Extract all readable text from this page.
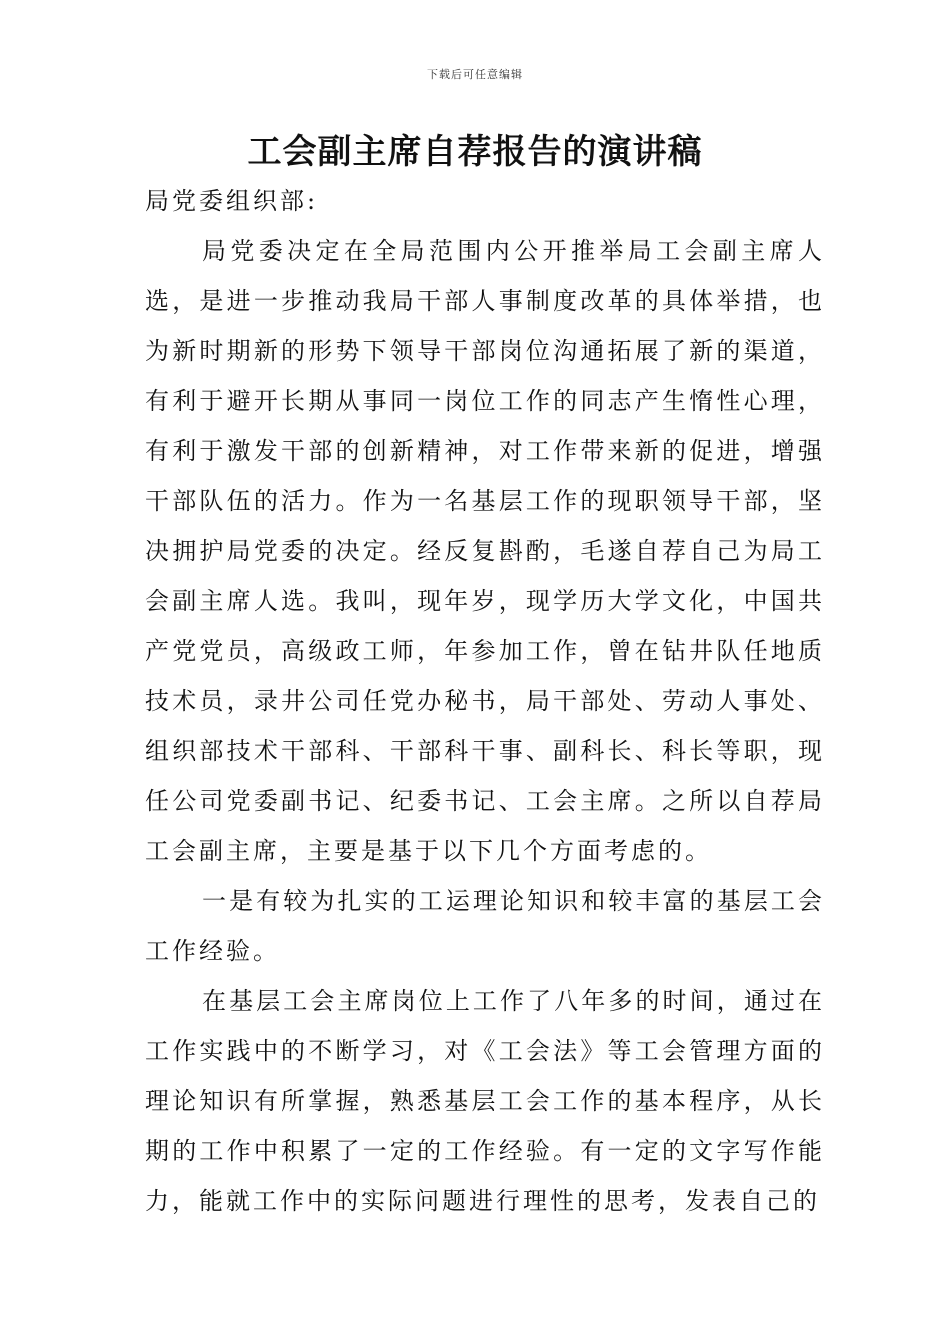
下载后可任意编辑
工会副主席自荐报告的演讲稿

局党委组织部:

局党委决定在全局范围内公开推举局工会副主席人选，是进一步推动我局干部人事制度改革的具体举措，也为新时期新的形势下领导干部岗位沟通拓展了新的渠道，有利于避开长期从事同一岗位工作的同志产生惰性心理，有利于激发干部的创新精神，对工作带来新的促进，增强干部队伍的活力。作为一名基层工作的现职领导干部，坚决拥护局党委的决定。经反复斟酌，毛遂自荐自己为局工会副主席人选。我叫，现年岁，现学历大学文化，中国共产党党员，高级政工师，年参加工作，曾在钻井队任地质技术员，录井公司任党办秘书，局干部处、劳动人事处、组织部技术干部科、干部科干事、副科长、科长等职，现任公司党委副书记、纪委书记、工会主席。之所以自荐局工会副主席，主要是基于以下几个方面考虑的。

一是有较为扎实的工运理论知识和较丰富的基层工会工作经验。

在基层工会主席岗位上工作了八年多的时间，通过在工作实践中的不断学习，对《工会法》等工会管理方面的理论知识有所掌握，熟悉基层工会工作的基本程序，从长期的工作中积累了一定的工作经验。有一定的文字写作能力，能就工作中的实际问题进行理性的思考，发表自己的
